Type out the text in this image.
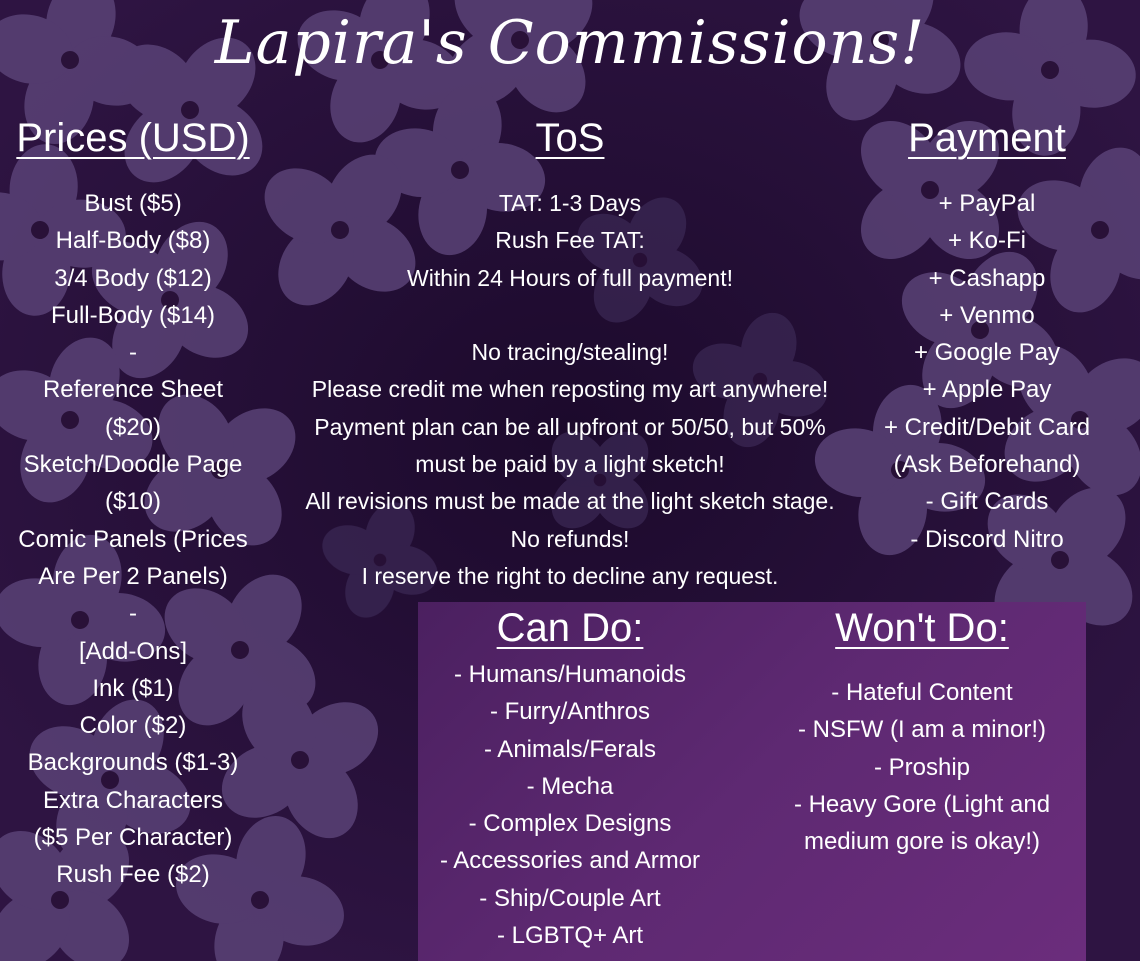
Lapira's Commissions!
Prices (USD)
Bust ($5)
Half-Body ($8)
3/4 Body ($12)
Full-Body ($14)
-
Reference Sheet
($20)
Sketch/Doodle Page
($10)
Comic Panels (Prices
Are Per 2 Panels)
-
[Add-Ons]
Ink ($1)
Color ($2)
Backgrounds ($1-3)
Extra Characters
($5 Per Character)
Rush Fee ($2)
ToS
TAT: 1-3 Days
Rush Fee TAT:
Within 24 Hours of full payment!

No tracing/stealing!
Please credit me when reposting my art anywhere!
Payment plan can be all upfront or 50/50, but 50%
must be paid by a light sketch!
All revisions must be made at the light sketch stage.
No refunds!
I reserve the right to decline any request.
Payment
+ PayPal
+ Ko-Fi
+ Cashapp
+ Venmo
+ Google Pay
+ Apple Pay
+ Credit/Debit Card
(Ask Beforehand)
- Gift Cards
- Discord Nitro
Can Do:
- Humans/Humanoids
- Furry/Anthros
- Animals/Ferals
- Mecha
- Complex Designs
- Accessories and Armor
- Ship/Couple Art
- LGBTQ+ Art
Won't Do:
- Hateful Content
- NSFW (I am a minor!)
- Proship
- Heavy Gore (Light and
medium gore is okay!)
